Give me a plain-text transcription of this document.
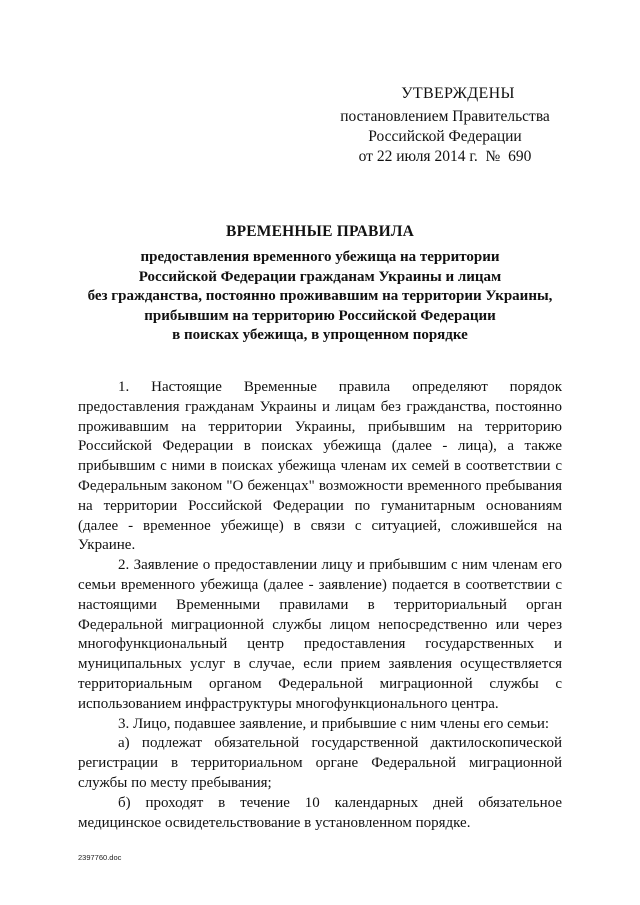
УТВЕРЖДЕНЫ
постановлением Правительства
Российской Федерации
от 22 июля 2014 г.  №  690
ВРЕМЕННЫЕ ПРАВИЛА
предоставления временного убежища на территории
Российской Федерации гражданам Украины и лицам
без гражданства, постоянно проживавшим на территории Украины,
прибывшим на территорию Российской Федерации
в поисках убежища, в упрощенном порядке

1. Настоящие Временные правила определяют порядок предоставления гражданам Украины и лицам без гражданства, постоянно проживавшим на территории Украины, прибывшим на территорию Российской Федерации в поисках убежища (далее - лица), а также прибывшим с ними в поисках убежища членам их семей в соответствии с Федеральным законом "О беженцах" возможности временного пребывания на территории Российской Федерации по гуманитарным основаниям (далее - временное убежище) в связи с ситуацией, сложившейся на Украине.

2. Заявление о предоставлении лицу и прибывшим с ним членам его семьи временного убежища (далее - заявление) подается в соответствии с настоящими Временными правилами в территориальный орган Федеральной миграционной службы лицом непосредственно или через многофункциональный центр предоставления государственных и муниципальных услуг в случае, если прием заявления осуществляется территориальным органом Федеральной миграционной службы с использованием инфраструктуры многофункционального центра.

3. Лицо, подавшее заявление, и прибывшие с ним члены его семьи:

а) подлежат обязательной государственной дактилоскопической регистрации в территориальном органе Федеральной миграционной службы по месту пребывания;

б) проходят в течение 10 календарных дней обязательное медицинское освидетельствование в установленном порядке.

2397760.doc
